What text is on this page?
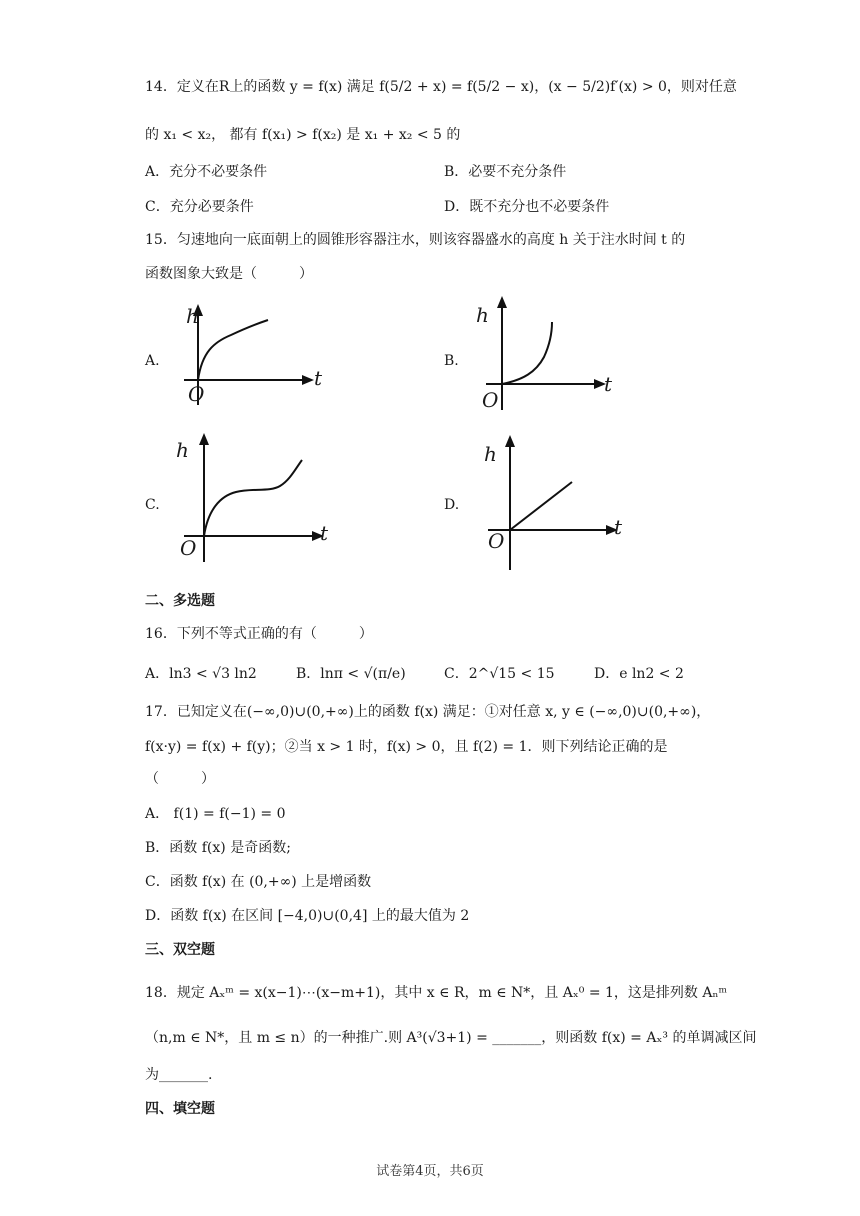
14．定义在R上的函数 y = f(x) 满足 f(5/2 + x) = f(5/2 − x)，(x − 5/2)f′(x) > 0，则对任意
的 x₁ < x₂， 都有 f(x₁) > f(x₂) 是 x₁ + x₂ < 5 的
A．充分不必要条件	B．必要不充分条件
C．充分必要条件	D．既不充分也不必要条件
15．匀速地向一底面朝上的圆锥形容器注水，则该容器盛水的高度 h 关于注水时间 t 的
函数图象大致是（　　　）
A.
h
t
O
B.
h
t
O
C.
h
t
O
D.
h
t
O
二、多选题
16．下列不等式正确的有（　　　）
A．ln3 < √3 ln2	B．lnπ < √(π/e)	C．2^√15 < 15	D．e ln2 < 2
17．已知定义在(−∞,0)∪(0,+∞)上的函数 f(x) 满足：①对任意 x, y ∈ (−∞,0)∪(0,+∞)，
f(x·y) = f(x) + f(y)；②当 x > 1 时，f(x) > 0，且 f(2) = 1．则下列结论正确的是
（　　　）
A． f(1) = f(−1) = 0
B．函数 f(x) 是奇函数;
C．函数 f(x) 在 (0,+∞) 上是增函数
D．函数 f(x) 在区间 [−4,0)∪(0,4] 上的最大值为 2
三、双空题
18．规定 Aₓᵐ = x(x−1)⋯(x−m+1)，其中 x ∈ R，m ∈ N*，且 Aₓ⁰ = 1，这是排列数 Aₙᵐ
（n,m ∈ N*，且 m ≤ n）的一种推广.则 A³(√3+1) = _______，则函数 f(x) = Aₓ³ 的单调减区间
为_______.
四、填空题
试卷第4页，共6页
